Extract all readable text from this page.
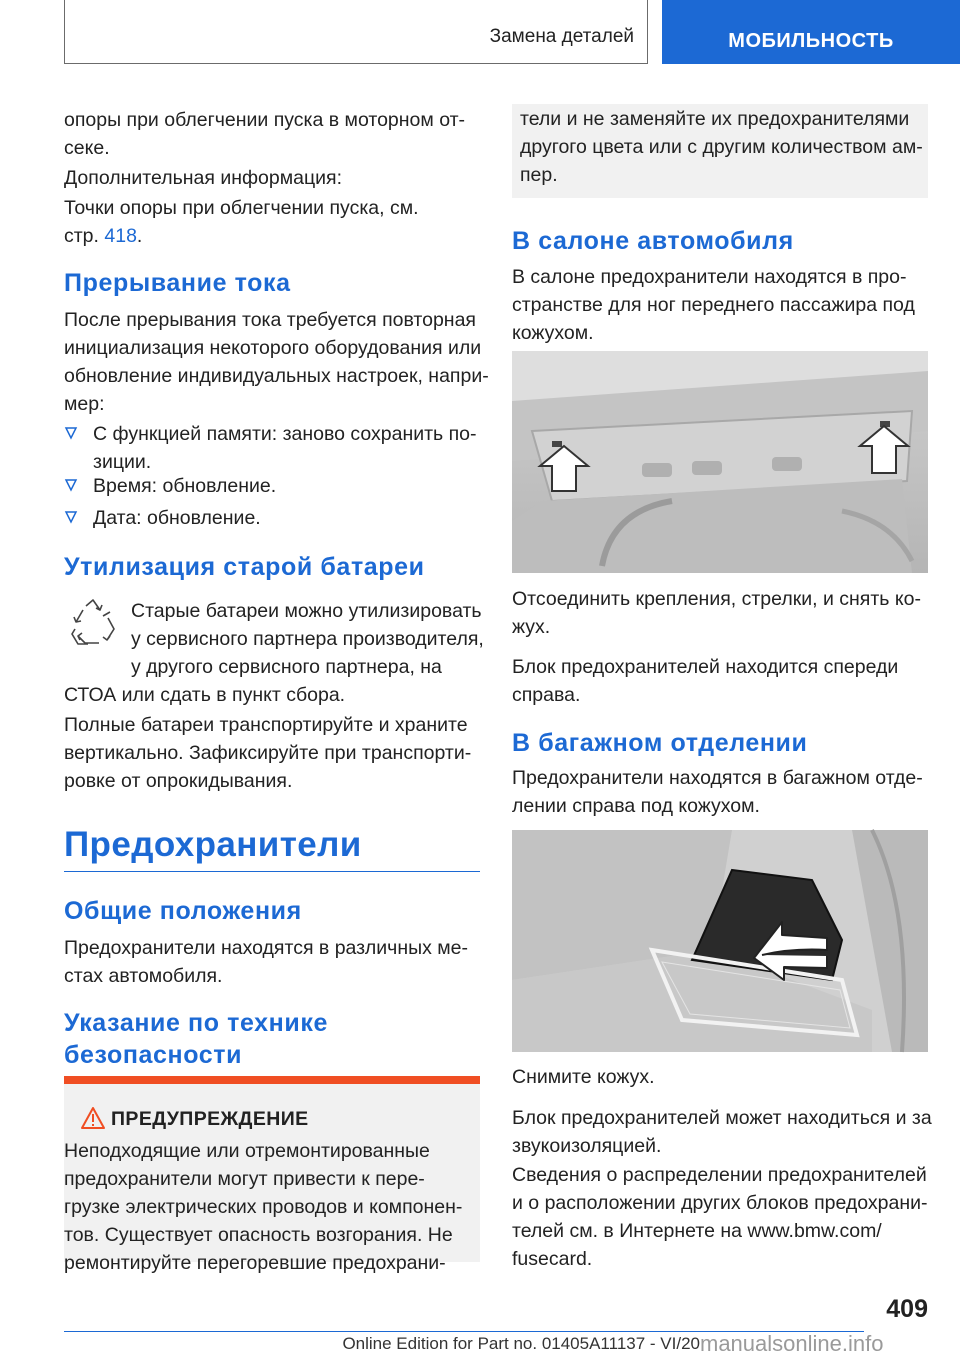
Замена деталей	МОБИЛЬНОСТЬ
опоры при облегчении пуска в моторном от-
секе.
Дополнительная информация:
Точки опоры при облегчении пуска, см.
стр. 418.
Прерывание тока
После прерывания тока требуется повторная
инициализация некоторого оборудования или
обновление индивидуальных настроек, напри-
мер:
С функцией памяти: заново сохранить по-
зиции.
Время: обновление.
Дата: обновление.
Утилизация старой батареи
Старые батареи можно утилизировать
у сервисного партнера производителя,
у другого сервисного партнера, на
СТОА или сдать в пункт сбора.
Полные батареи транспортируйте и храните
вертикально. Зафиксируйте при транспорти-
ровке от опрокидывания.
Предохранители
Общие положения
Предохранители находятся в различных ме-
стах автомобиля.
Указание по технике
безопасности
ПРЕДУПРЕЖДЕНИЕ
Неподходящие или отремонтированные
предохранители могут привести к пере-
грузке электрических проводов и компонен-
тов. Существует опасность возгорания. Не
ремонтируйте перегоревшие предохрани-
тели и не заменяйте их предохранителями
другого цвета или с другим количеством ам-
пер.
В салоне автомобиля
В салоне предохранители находятся в про-
странстве для ног переднего пассажира под
кожухом.
Отсоединить крепления, стрелки, и снять ко-
жух.
Блок предохранителей находится спереди
справа.
В багажном отделении
Предохранители находятся в багажном отде-
лении справа под кожухом.
Снимите кожух.
Блок предохранителей может находиться и за
звукоизоляцией.
Сведения о распределении предохранителей
и о расположении других блоков предохрани-
телей см. в Интернете на www.bmw.com/
fusecard.
409
Online Edition for Part no. 01405A11137 - VI/20 manualsonline.info
